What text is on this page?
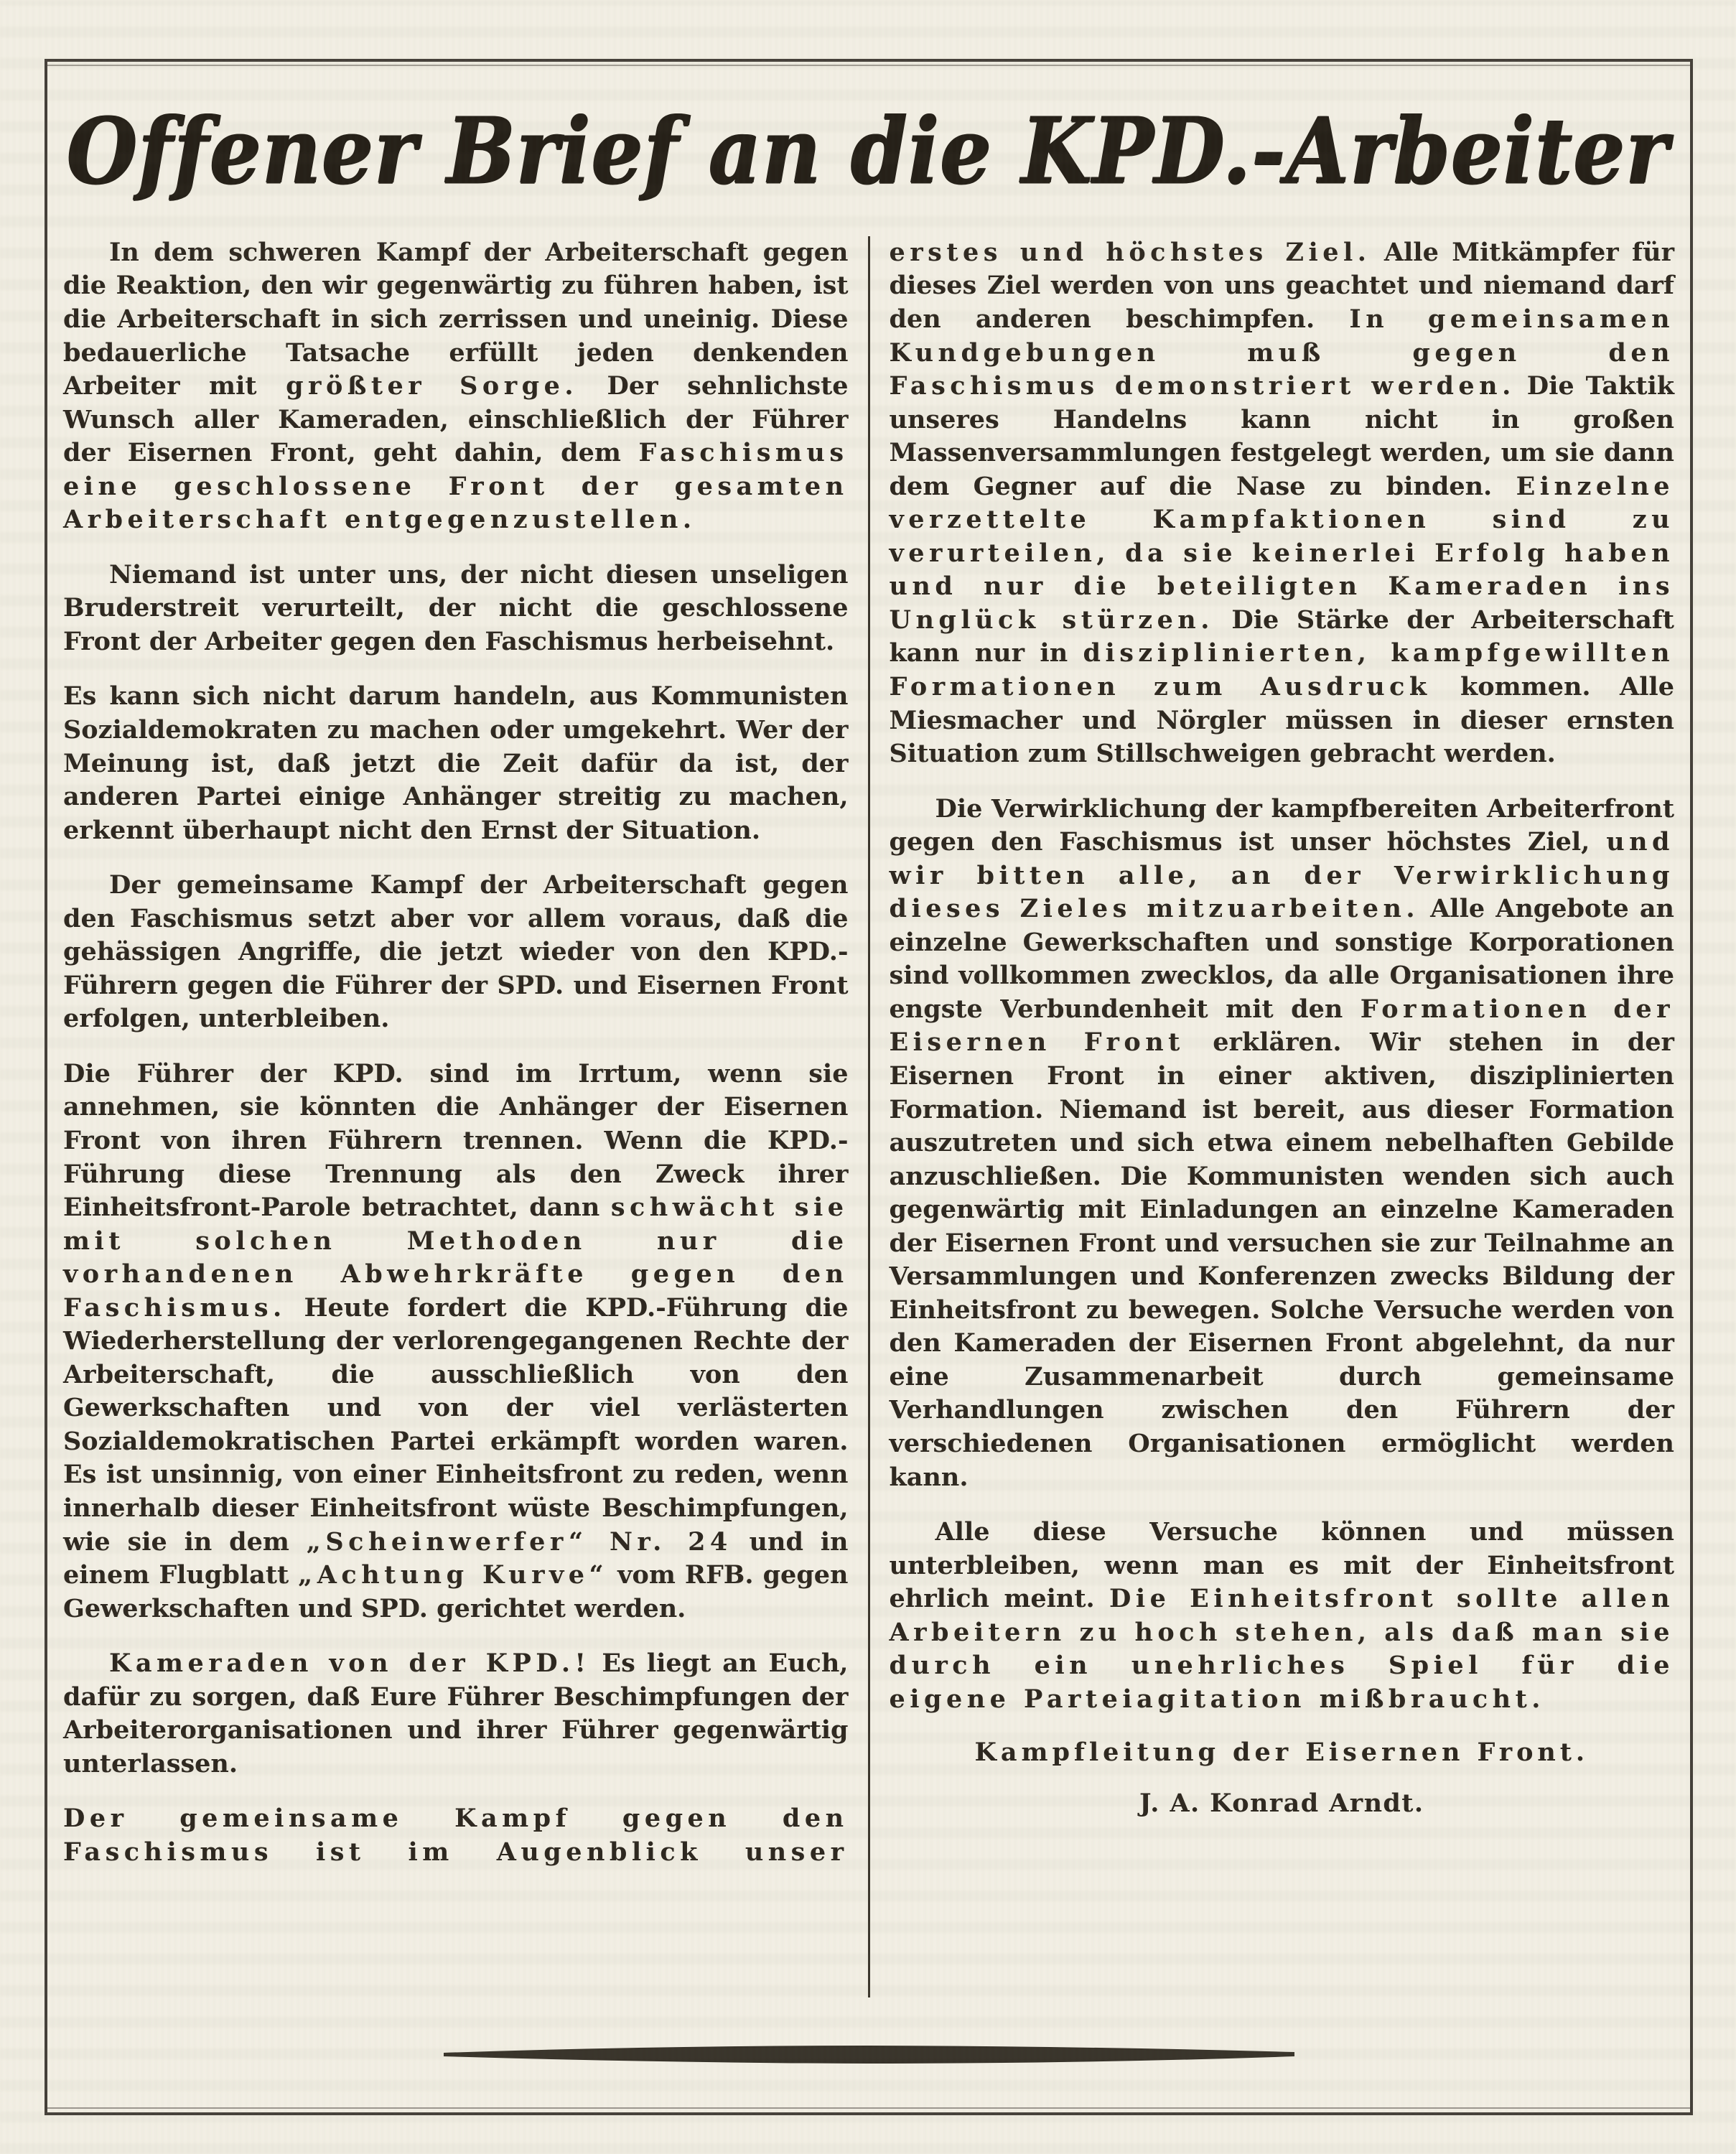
Offener Brief an die KPD.-Arbeiter

In dem schweren Kampf der Arbeiterschaft gegen die Reaktion, den wir gegenwärtig zu führen haben, ist die Arbeiterschaft in sich zerrissen und uneinig. Diese bedauerliche Tatsache erfüllt jeden denkenden Arbeiter mit größter Sorge. Der sehnlichste Wunsch aller Kameraden, einschließlich der Führer der Eisernen Front, geht dahin, dem Faschismus eine geschlossene Front der gesamten Arbeiterschaft entgegenzustellen.

Niemand ist unter uns, der nicht diesen unseligen Bruderstreit verurteilt, der nicht die geschlossene Front der Arbeiter gegen den Faschismus herbeisehnt.

Es kann sich nicht darum handeln, aus Kommunisten Sozialdemokraten zu machen oder umgekehrt. Wer der Meinung ist, daß jetzt die Zeit dafür da ist, der anderen Partei einige Anhänger streitig zu machen, erkennt überhaupt nicht den Ernst der Situation.

Der gemeinsame Kampf der Arbeiterschaft gegen den Faschismus setzt aber vor allem voraus, daß die gehässigen Angriffe, die jetzt wieder von den KPD.-Führern gegen die Führer der SPD. und Eisernen Front erfolgen, unterbleiben.

Die Führer der KPD. sind im Irrtum, wenn sie annehmen, sie könnten die Anhänger der Eisernen Front von ihren Führern trennen. Wenn die KPD.-Führung diese Trennung als den Zweck ihrer Einheitsfront-Parole betrachtet, dann schwächt sie mit solchen Methoden nur die vorhandenen Abwehrkräfte gegen den Faschismus. Heute fordert die KPD.-Führung die Wiederherstellung der verlorengegangenen Rechte der Arbeiterschaft, die ausschließlich von den Gewerkschaften und von der viel verlästerten Sozialdemokratischen Partei erkämpft worden waren. Es ist unsinnig, von einer Einheitsfront zu reden, wenn innerhalb dieser Einheitsfront wüste Beschimpfungen, wie sie in dem „Scheinwerfer“ Nr. 24 und in einem Flugblatt „Achtung Kurve“ vom RFB. gegen Gewerkschaften und SPD. gerichtet werden.

Kameraden von der KPD.! Es liegt an Euch, dafür zu sorgen, daß Eure Führer Beschimpfungen der Arbeiterorganisationen und ihrer Führer gegenwärtig unterlassen.

Der gemeinsame Kampf gegen den Faschismus ist im Augenblick unser

erstes und höchstes Ziel. Alle Mitkämpfer für dieses Ziel werden von uns geachtet und niemand darf den anderen beschimpfen. In gemeinsamen Kundgebungen muß gegen den Faschismus demonstriert werden. Die Taktik unseres Handelns kann nicht in großen Massenversammlungen festgelegt werden, um sie dann dem Gegner auf die Nase zu binden. Einzelne verzettelte Kampfaktionen sind zu verurteilen, da sie keinerlei Erfolg haben und nur die beteiligten Kameraden ins Unglück stürzen. Die Stärke der Arbeiterschaft kann nur in disziplinierten, kampfgewillten Formationen zum Ausdruck kommen. Alle Miesmacher und Nörgler müssen in dieser ernsten Situation zum Stillschweigen gebracht werden.

Die Verwirklichung der kampfbereiten Arbeiterfront gegen den Faschismus ist unser höchstes Ziel, und wir bitten alle, an der Verwirklichung dieses Zieles mitzuarbeiten. Alle Angebote an einzelne Gewerkschaften und sonstige Korporationen sind vollkommen zwecklos, da alle Organisationen ihre engste Verbundenheit mit den Formationen der Eisernen Front erklären. Wir stehen in der Eisernen Front in einer aktiven, disziplinierten Formation. Niemand ist bereit, aus dieser Formation auszutreten und sich etwa einem nebelhaften Gebilde anzuschließen. Die Kommunisten wenden sich auch gegenwärtig mit Einladungen an einzelne Kameraden der Eisernen Front und versuchen sie zur Teilnahme an Versammlungen und Konferenzen zwecks Bildung der Einheitsfront zu bewegen. Solche Versuche werden von den Kameraden der Eisernen Front abgelehnt, da nur eine Zusammenarbeit durch gemeinsame Verhandlungen zwischen den Führern der verschiedenen Organisationen ermöglicht werden kann.

Alle diese Versuche können und müssen unterbleiben, wenn man es mit der Einheitsfront ehrlich meint. Die Einheitsfront sollte allen Arbeitern zu hoch stehen, als daß man sie durch ein unehrliches Spiel für die eigene Parteiagitation mißbraucht.

Kampfleitung der Eisernen Front.

J. A. Konrad Arndt.
